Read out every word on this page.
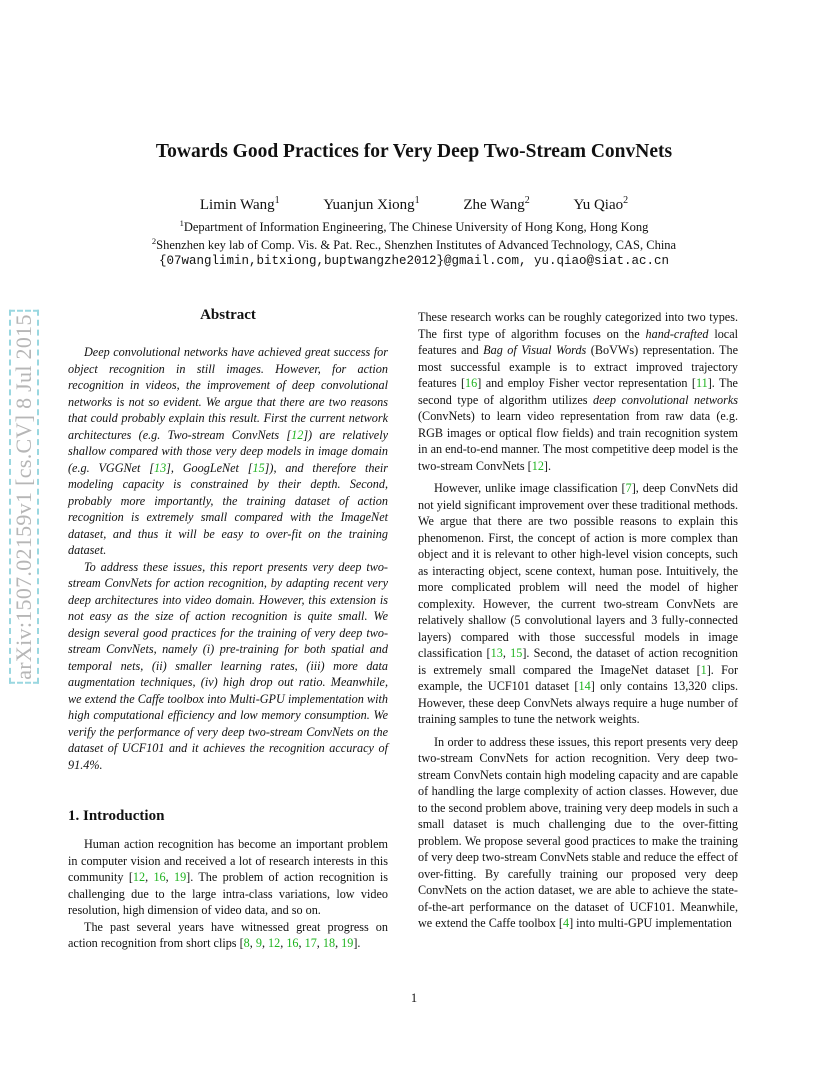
arXiv:1507.02159v1 [cs.CV] 8 Jul 2015
Towards Good Practices for Very Deep Two-Stream ConvNets
Limin Wang$^1$	Yuanjun Xiong$^1$	Zhe Wang$^2$	Yu Qiao$^2$
$^1$Department of Information Engineering, The Chinese University of Hong Kong, Hong Kong
$^2$Shenzhen key lab of Comp. Vis. & Pat. Rec., Shenzhen Institutes of Advanced Technology, CAS, China
{07wanglimin,bitxiong,buptwangzhe2012}@gmail.com, yu.qiao@siat.ac.cn
Abstract

Deep convolutional networks have achieved great success for object recognition in still images. However, for action recognition in videos, the improvement of deep convolutional networks is not so evident. We argue that there are two reasons that could probably explain this result. First the current network architectures (e.g. Two-stream ConvNets [12]) are relatively shallow compared with those very deep models in image domain (e.g. VGGNet [13], GoogLeNet [15]), and therefore their modeling capacity is constrained by their depth. Second, probably more importantly, the training dataset of action recognition is extremely small compared with the ImageNet dataset, and thus it will be easy to over-fit on the training dataset.

To address these issues, this report presents very deep two-stream ConvNets for action recognition, by adapting recent very deep architectures into video domain. However, this extension is not easy as the size of action recognition is quite small. We design several good practices for the training of very deep two-stream ConvNets, namely (i) pre-training for both spatial and temporal nets, (ii) smaller learning rates, (iii) more data augmentation techniques, (iv) high drop out ratio. Meanwhile, we extend the Caffe toolbox into Multi-GPU implementation with high computational efficiency and low memory consumption. We verify the performance of very deep two-stream ConvNets on the dataset of UCF101 and it achieves the recognition accuracy of 91.4%.

1. Introduction

Human action recognition has become an important problem in computer vision and received a lot of research interests in this community [12, 16, 19]. The problem of action recognition is challenging due to the large intra-class variations, low video resolution, high dimension of video data, and so on.

The past several years have witnessed great progress on action recognition from short clips [8, 9, 12, 16, 17, 18, 19].

These research works can be roughly categorized into two types. The first type of algorithm focuses on the hand-crafted local features and Bag of Visual Words (BoVWs) representation. The most successful example is to extract improved trajectory features [16] and employ Fisher vector representation [11]. The second type of algorithm utilizes deep convolutional networks (ConvNets) to learn video representation from raw data (e.g. RGB images or optical flow fields) and train recognition system in an end-to-end manner. The most competitive deep model is the two-stream ConvNets [12].

However, unlike image classification [7], deep ConvNets did not yield significant improvement over these traditional methods. We argue that there are two possible reasons to explain this phenomenon. First, the concept of action is more complex than object and it is relevant to other high-level vision concepts, such as interacting object, scene context, human pose. Intuitively, the more complicated problem will need the model of higher complexity. However, the current two-stream ConvNets are relatively shallow (5 convolutional layers and 3 fully-connected layers) compared with those successful models in image classification [13, 15]. Second, the dataset of action recognition is extremely small compared the ImageNet dataset [1]. For example, the UCF101 dataset [14] only contains 13,320 clips. However, these deep ConvNets always require a huge number of training samples to tune the network weights.

In order to address these issues, this report presents very deep two-stream ConvNets for action recognition. Very deep two-stream ConvNets contain high modeling capacity and are capable of handling the large complexity of action classes. However, due to the second problem above, training very deep models in such a small dataset is much challenging due to the over-fitting problem. We propose several good practices to make the training of very deep two-stream ConvNets stable and reduce the effect of over-fitting. By carefully training our proposed very deep ConvNets on the action dataset, we are able to achieve the state-of-the-art performance on the dataset of UCF101. Meanwhile, we extend the Caffe toolbox [4] into multi-GPU implementation

1
